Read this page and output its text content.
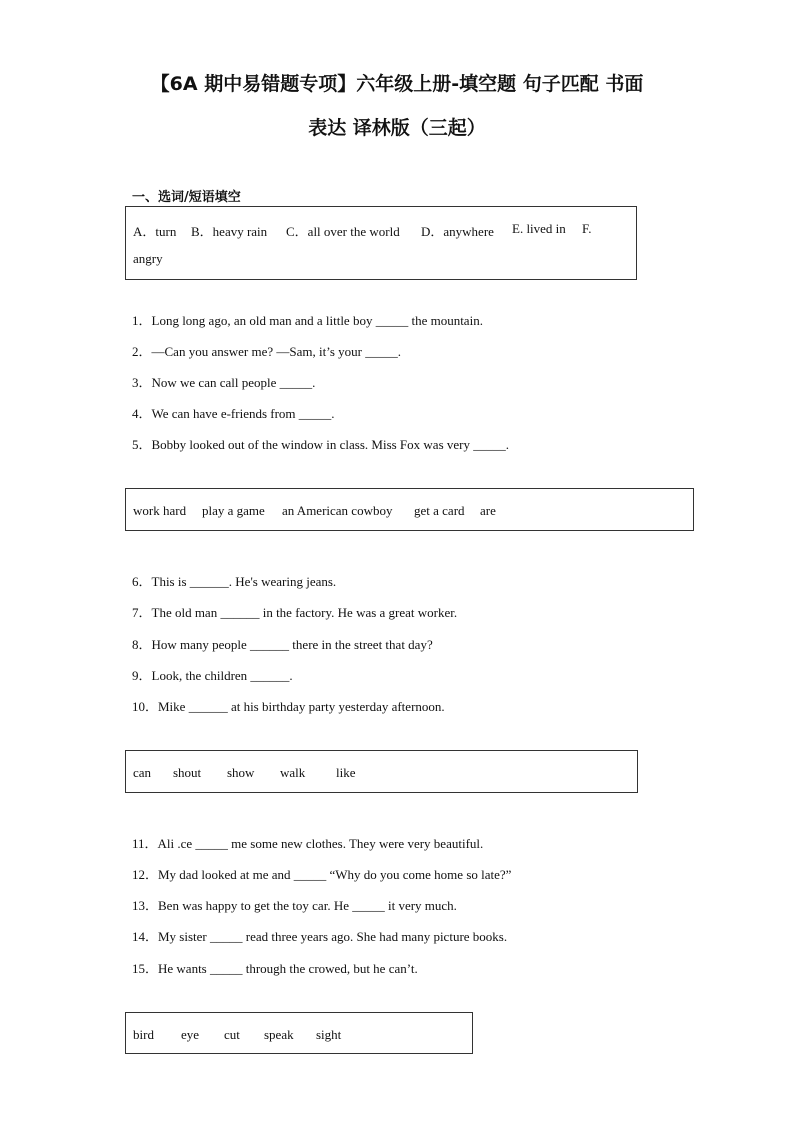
【6A 期中易错题专项】六年级上册-填空题 句子匹配 书面
表达 译林版（三起）
一、选词/短语填空
A．turn B．heavy rain C．all over the world D．anywhere E. lived in F.
angry
1．Long long ago, an old man and a little boy _____ the mountain.
2．—Can you answer me? —Sam, it’s your _____.
3．Now we can call people _____.
4．We can have e-friends from _____.
5．Bobby looked out of the window in class. Miss Fox was very _____.
work hard play a game an American cowboy get a card are
6．This is ______. He's wearing jeans.
7．The old man ______ in the factory. He was a great worker.
8．How many people ______ there in the street that day?
9．Look, the children ______.
10．Mike ______ at his birthday party yesterday afternoon.
can shout show walk like
11．Ali .ce _____ me some new clothes. They were very beautiful.
12．My dad looked at me and _____ “Why do you come home so late?”
13．Ben was happy to get the toy car. He _____ it very much.
14．My sister _____ read three years ago. She had many picture books.
15．He wants _____ through the crowed, but he can’t.
bird eye cut speak sight
